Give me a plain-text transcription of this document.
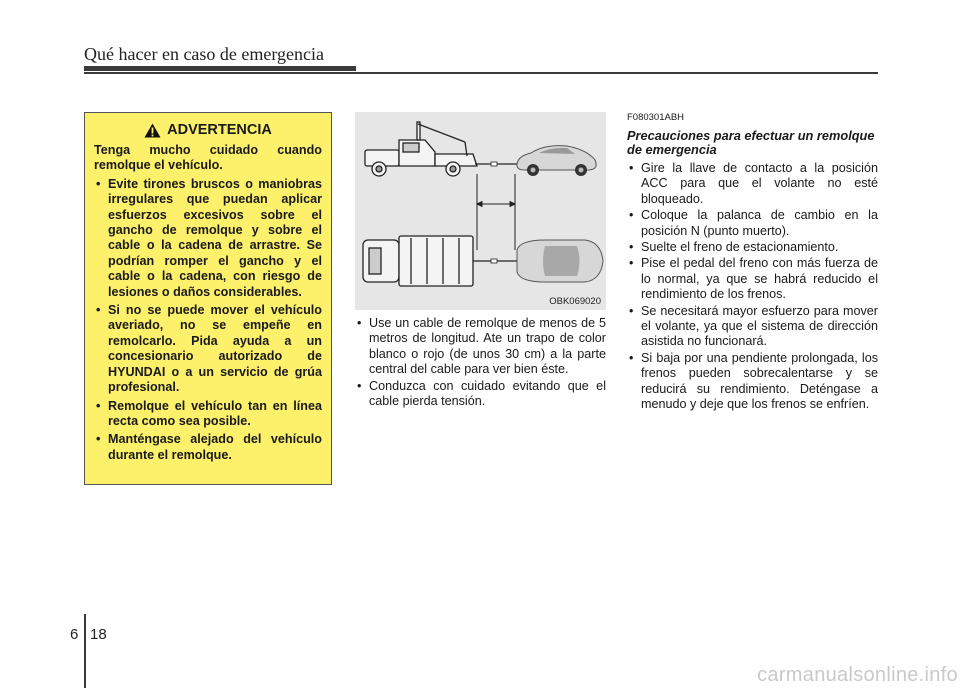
Qué hacer en caso de emergencia
ADVERTENCIA
Tenga mucho cuidado cuando remolque el vehículo.
• Evite tirones bruscos o maniobras irregulares que puedan aplicar esfuerzos excesivos sobre el gancho de remolque y sobre el cable o la cadena de arrastre. Se podrían romper el gancho y el cable o la cadena, con riesgo de lesiones o daños considerables.
• Si no se puede mover el vehículo averiado, no se empeñe en remolcarlo. Pida ayuda a un concesionario autorizado de HYUNDAI o a un servicio de grúa profesional.
• Remolque el vehículo tan en línea recta como sea posible.
• Manténgase alejado del vehículo durante el remolque.
OBK069020
• Use un cable de remolque de menos de 5 metros de longitud. Ate un trapo de color blanco o rojo (de unos 30 cm) a la parte central del cable para ver bien éste.
• Conduzca con cuidado evitando que el cable pierda tensión.
F080301ABH
Precauciones para efectuar un remolque de emergencia
• Gire la llave de contacto a la posición ACC para que el volante no esté bloqueado.
• Coloque la palanca de cambio en la posición N (punto muerto).
• Suelte el freno de estacionamiento.
• Pise el pedal del freno con más fuerza de lo normal, ya que se habrá reducido el rendimiento de los frenos.
• Se necesitará mayor esfuerzo para mover el volante, ya que el sistema de dirección asistida no funcionará.
• Si baja por una pendiente prolongada, los frenos pueden sobrecalentarse y se reducirá su rendimiento. Deténgase a menudo y deje que los frenos se enfríen.
6 18
carmanualsonline.info
